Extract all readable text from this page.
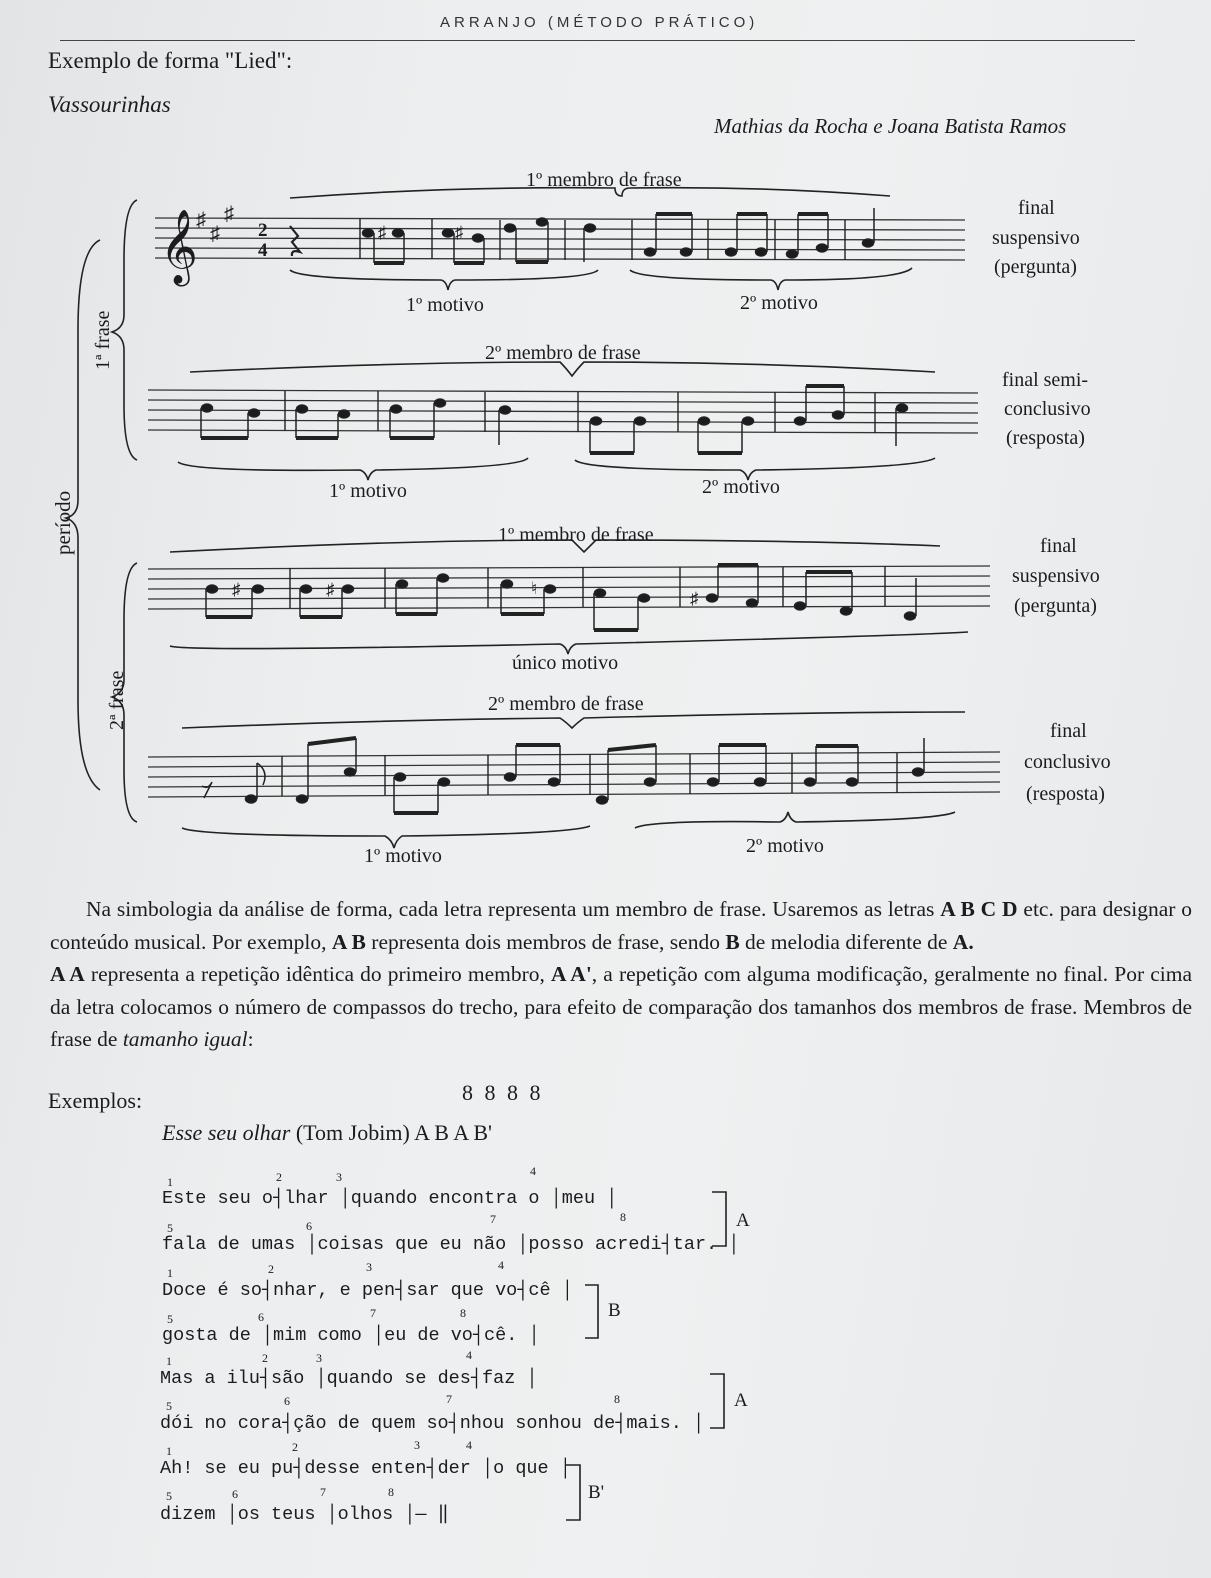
ARRANJO (MÉTODO PRÁTICO)
Exemplo de forma "Lied":
Vassourinhas
Mathias da Rocha e Joana Batista Ramos
𝄞
♯
♯
♯
2
4
♯	♯
♯	♯	♮
♯
1º membro de frase
1º motivo	2º motivo
2º membro de frase
1º motivo	2º motivo
1º membro de frase
único motivo
2º membro de frase
1º motivo	2º motivo
final
suspensivo
(pergunta)
final semi-
conclusivo
(resposta)
final
suspensivo
(pergunta)
final
conclusivo
(resposta)
1ª frase
2ª frase
período

Na simbologia da análise de forma, cada letra representa um membro de frase. Usaremos as letras A B C D etc. para designar o conteúdo musical. Por exemplo, A B representa dois membros de frase, sendo B de melodia diferente de A.
A A representa a repetição idêntica do primeiro membro, A A', a repetição com alguma modificação, geralmente no final. Por cima da letra colocamos o número de compassos do trecho, para efeito de comparação dos tamanhos dos membros de frase. Membros de frase de tamanho igual:

Exemplos:	8 8 8 8
Esse seu olhar (Tom Jobim) A B A B'
Este seu o┤lhar │quando encontra o │meu │
1	2	3	4
fala de umas │coisas que eu não │posso acredi┤tar. │
5	6	7	8
Doce é so┤nhar, e pen┤sar que vo┤cê │
1	2	3	4
gosta de │mim como │eu de vo┤cê. │
5	6	7	8
Mas a ilu┤são │quando se des┤faz │
1	2	3	4
dói no cora┤ção de quem so┤nhou sonhou de┤mais. │
5	6	7	8
Ah! se eu pu┤desse enten┤der │o que │
1	2	3	4
dizem │os teus │olhos │— ‖
5	6	7	8
A
B
A
B'
